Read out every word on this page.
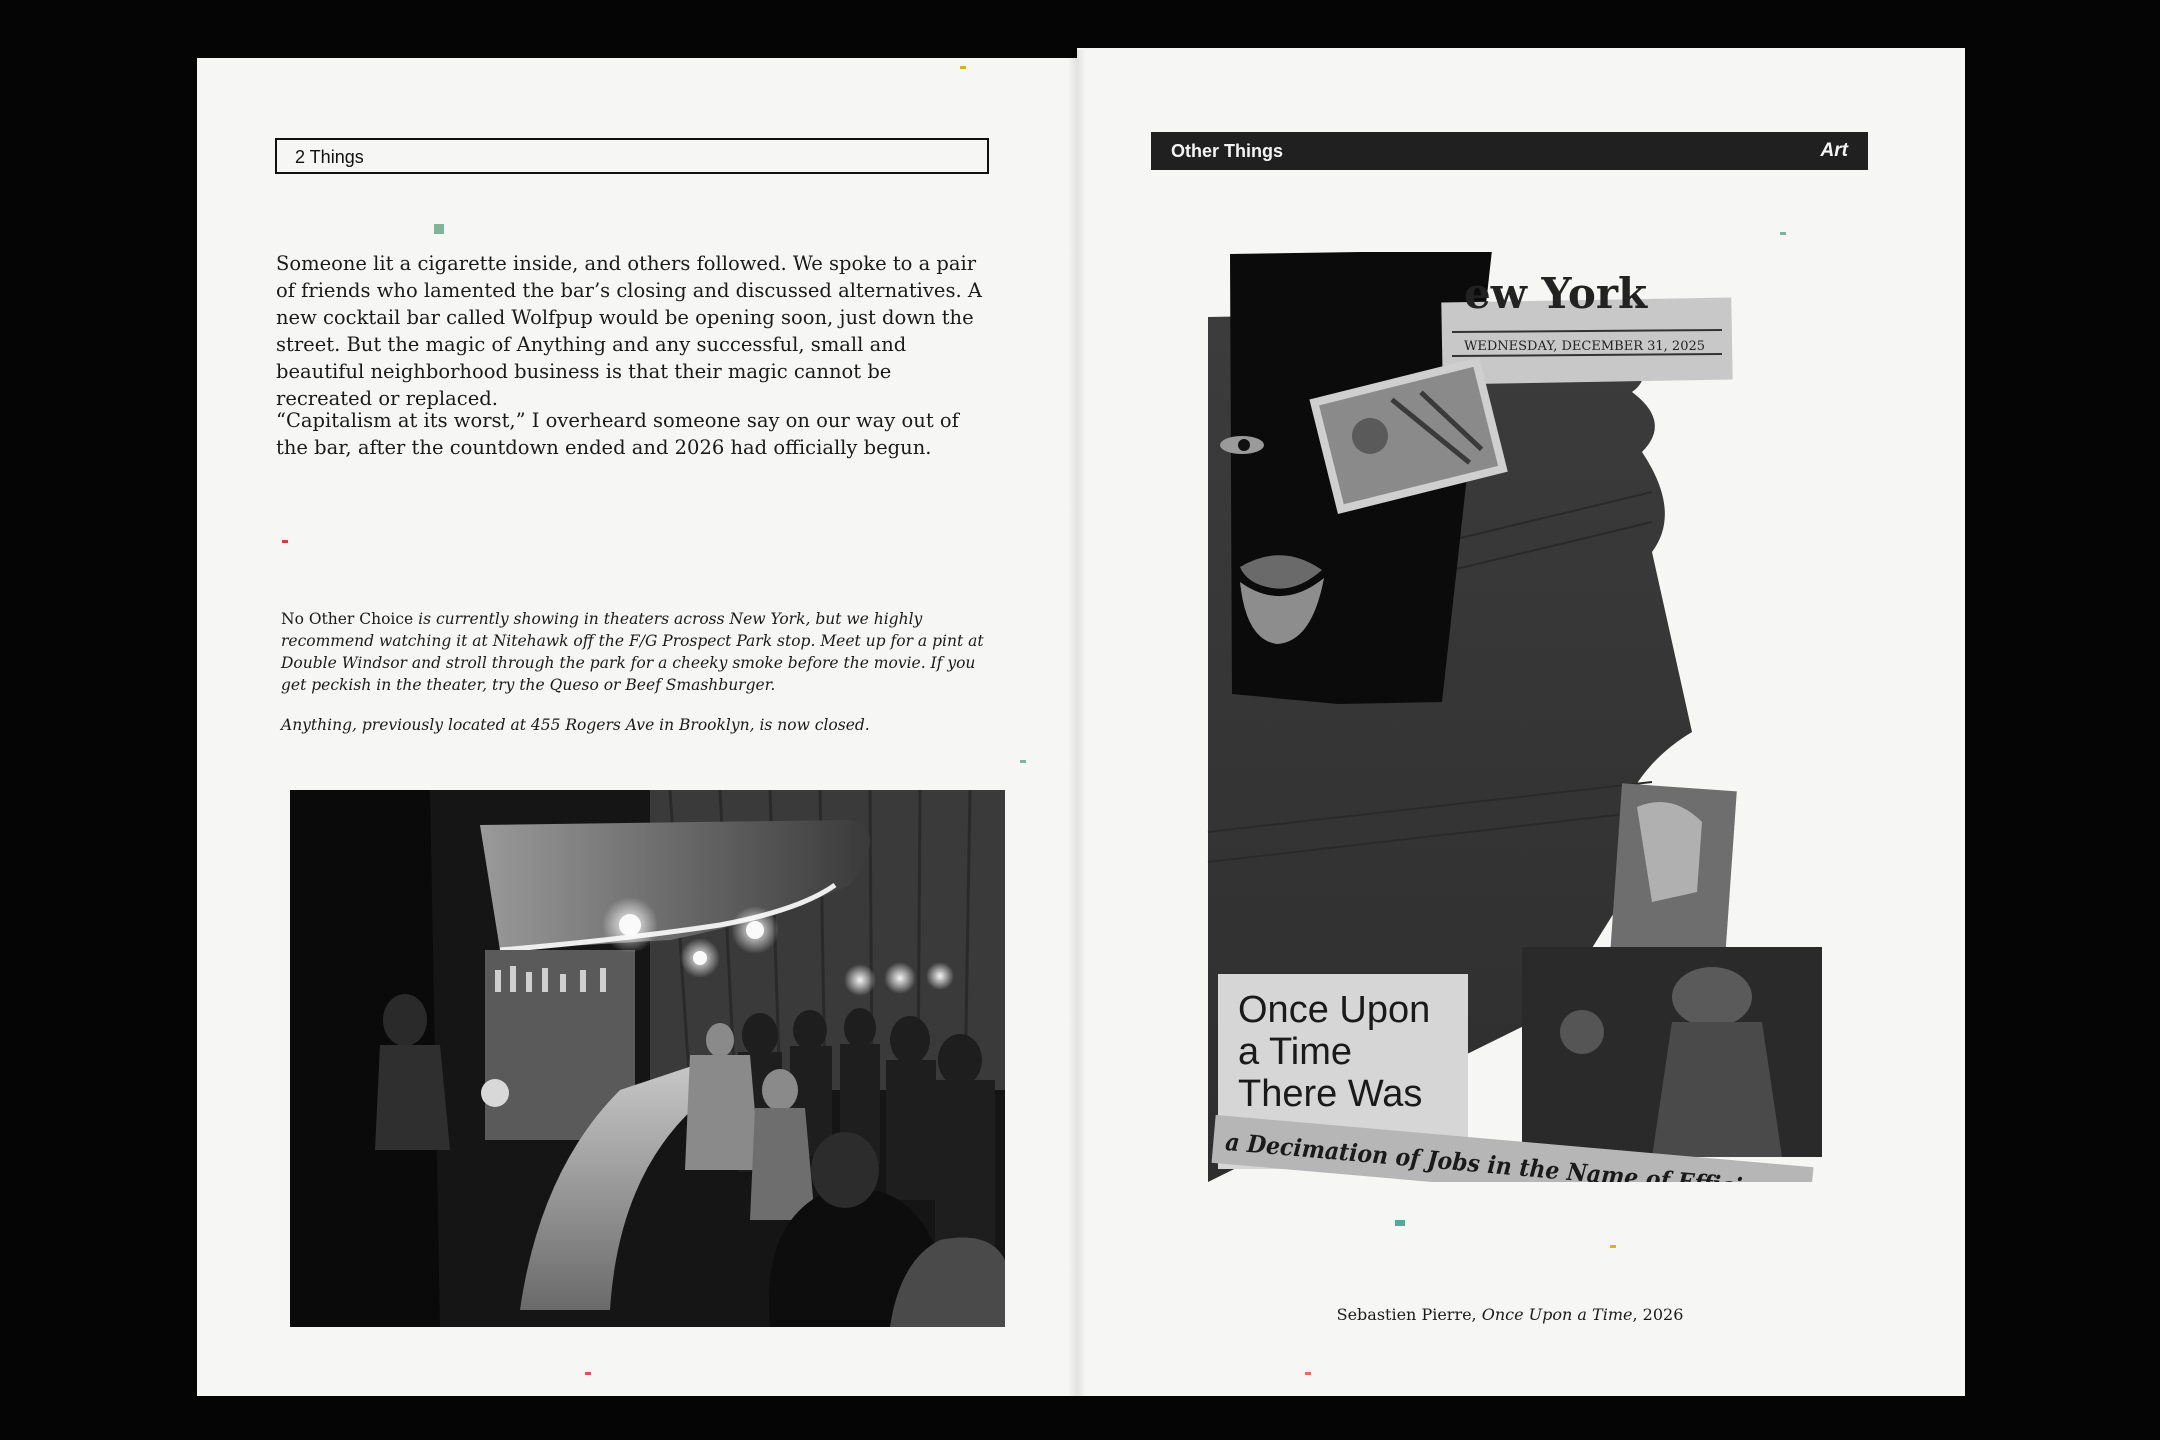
2 Things

Someone lit a cigarette inside, and others followed. We spoke to a pair of friends who lamented the bar’s closing and discussed alternatives. A new cocktail bar called Wolfpup would be opening soon, just down the street. But the magic of Anything and any successful, small and beautiful neighborhood business is that their magic cannot be recreated or replaced.

“Capitalism at its worst,” I overheard someone say on our way out of the bar, after the countdown ended and 2026 had officially begun.

No Other Choice is currently showing in theaters across New York, but we highly recommend watching it at Nitehawk off the F/G Prospect Park stop. Meet up for a pint at Double Windsor and stroll through the park for a cheeky smoke before the movie. If you get peckish in the theater, try the Queso or Beef Smashburger.

Anything, previously located at 455 Rogers Ave in Brooklyn, is now closed.

Other Things	Art
ew York
WEDNESDAY, DECEMBER 31, 2025
Once Upon
a Time
There Was
a Decimation of Jobs in the Name of Efficiency
Sebastien Pierre, Once Upon a Time, 2026
